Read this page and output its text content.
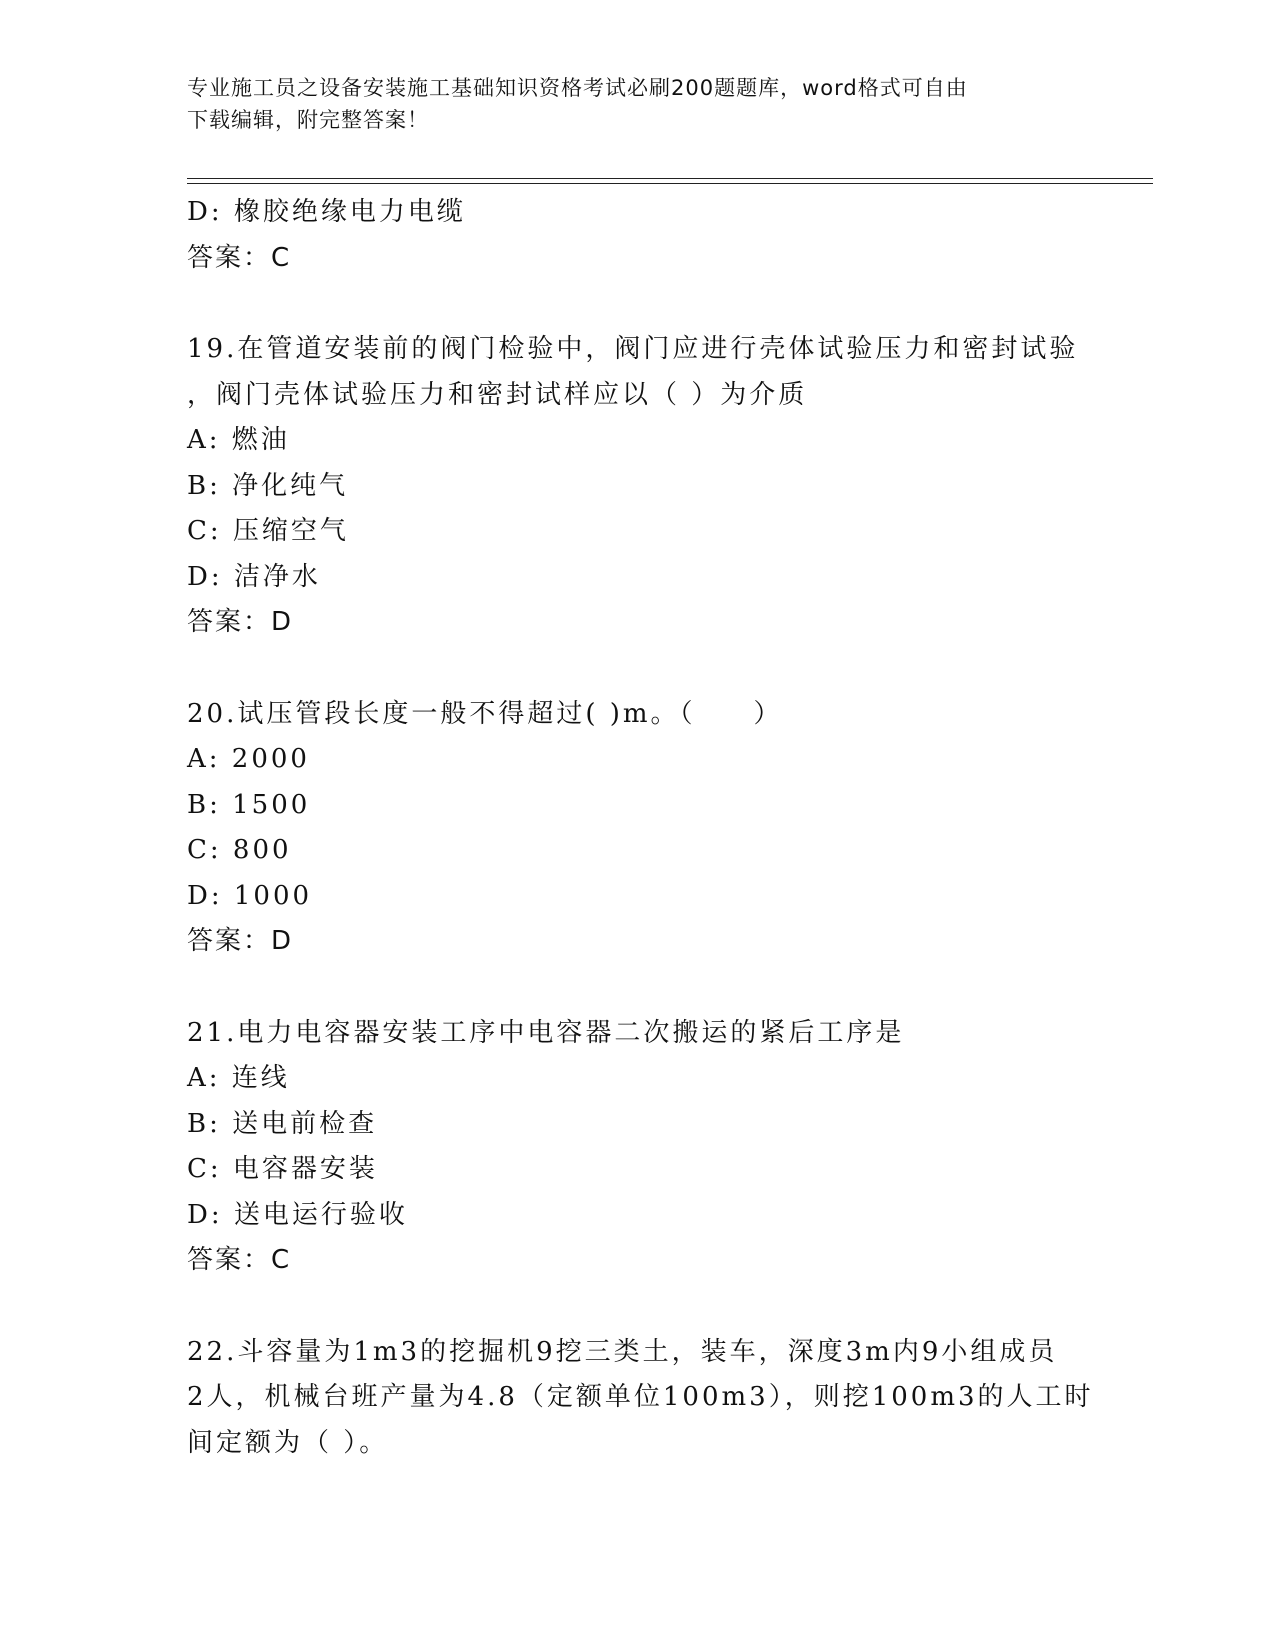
专业施工员之设备安装施工基础知识资格考试必刷200题题库，word格式可自由
下载编辑，附完整答案！
D: 橡胶绝缘电力电缆
答案：C
19.在管道安装前的阀门检验中，阀门应进行壳体试验压力和密封试验
，阀门壳体试验压力和密封试样应以（ ）为介质
A: 燃油
B: 净化纯气
C: 压缩空气
D: 洁净水
答案：D
20.试压管段长度一般不得超过( )m。（　　）
A: 2000
B: 1500
C: 800
D: 1000
答案：D
21.电力电容器安装工序中电容器二次搬运的紧后工序是
A: 连线
B: 送电前检查
C: 电容器安装
D: 送电运行验收
答案：C
22.斗容量为1m3的挖掘机9挖三类土，装车，深度3m内9小组成员
2人，机械台班产量为4.8（定额单位100m3），则挖100m3的人工时
间定额为（ ）。
